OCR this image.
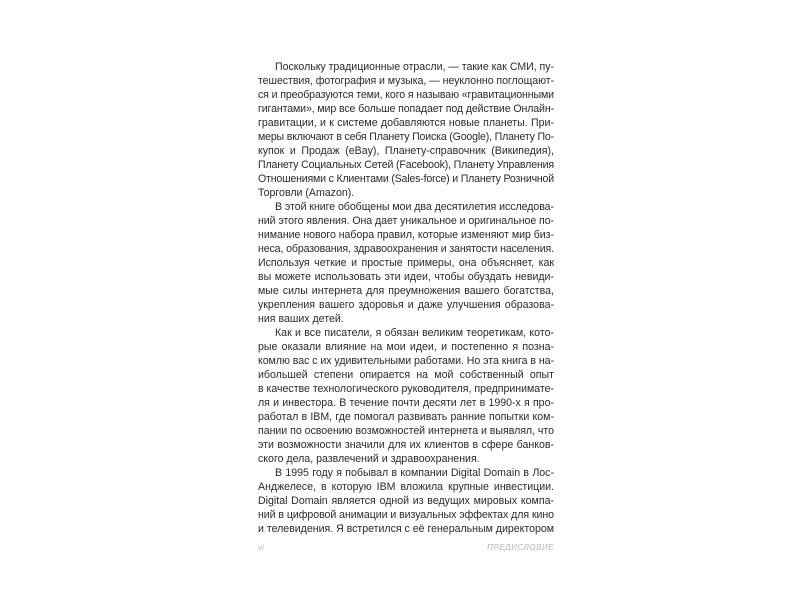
Поскольку традиционные отрасли, — такие как СМИ, пу-
тешествия, фотография и музыка, — неуклонно поглощают-
ся и преобразуются теми, кого я называю «гравитационными
гигантами», мир все больше попадает под действие Онлайн-
гравитации, и к системе добавляются новые планеты. При-
меры включают в себя Планету Поиска (Google), Планету По-
купок и Продаж (eBay), Планету-справочник (Википедия),
Планету Социальных Сетей (Facebook), Планету Управления
Отношениями с Клиентами (Sales-force) и Планету Розничной
Торговли (Amazon).
В этой книге обобщены мои два десятилетия исследова-
ний этого явления. Она дает уникальное и оригинальное по-
нимание нового набора правил, которые изменяют мир биз-
неса, образования, здравоохранения и занятости населения.
Используя четкие и простые примеры, она объясняет, как
вы можете использовать эти идеи, чтобы обуздать невиди-
мые силы интернета для преумножения вашего богатства,
укрепления вашего здоровья и даже улучшения образова-
ния ваших детей.
Как и все писатели, я обязан великим теоретикам, кото-
рые оказали влияние на мои идеи, и постепенно я позна-
комлю вас с их удивительными работами. Но эта книга в на-
ибольшей степени опирается на мой собственный опыт
в качестве технологического руководителя, предпринимате-
ля и инвестора. В течение почти десяти лет в 1990-х я про-
работал в IBM, где помогал развивать ранние попытки ком-
пании по освоению возможностей интернета и выявлял, что
эти возможности значили для их клиентов в сфере банков-
ского дела, развлечений и здравоохранения.
В 1995 году я побывал в компании Digital Domain в Лос-
Анджелесе, в которую IBM вложила крупные инвестиции.
Digital Domain является одной из ведущих мировых компа-
ний в цифровой анимации и визуальных эффектах для кино
и телевидения. Я встретился с её генеральным директором
vi	ПРЕДИСЛОВИЕ
